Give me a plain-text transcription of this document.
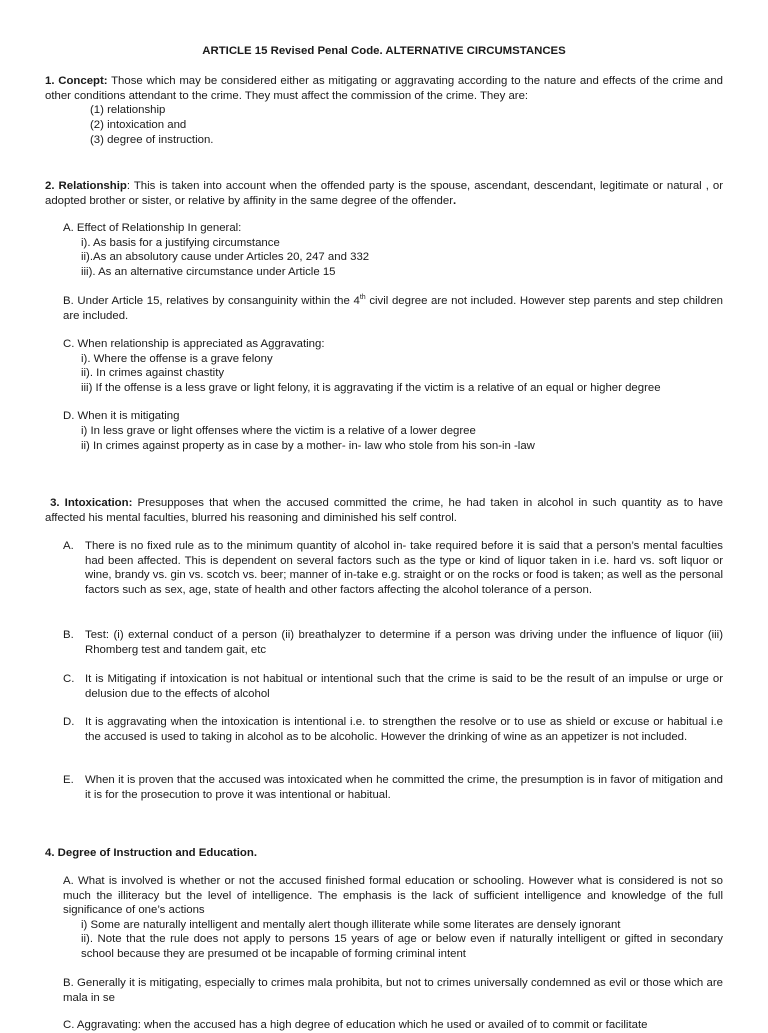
ARTICLE 15 Revised Penal Code. ALTERNATIVE CIRCUMSTANCES
1. Concept: Those which may be considered either as mitigating or aggravating according to the nature and effects of the crime and other conditions attendant to the crime. They must affect the commission of the crime. They are:
(1) relationship
(2) intoxication and
(3) degree of instruction.
2. Relationship: This is taken into account when the offended party is the spouse, ascendant, descendant, legitimate or natural , or adopted brother or sister, or relative by affinity in the same degree of the offender.
A. Effect of Relationship In general:
i). As basis for a justifying circumstance
ii).As an absolutory cause under Articles 20, 247 and 332
iii). As an alternative circumstance under Article 15
B. Under Article 15, relatives by consanguinity within the 4th civil degree are not included. However step parents and step children are included.
C. When relationship is appreciated as Aggravating:
i). Where the offense is a grave felony
ii). In crimes against chastity
iii) If the offense is a less grave or light felony, it is aggravating if the victim is a relative of an equal or higher degree
D. When it is mitigating
i) In less grave or light offenses where the victim is a relative of a lower degree
ii) In crimes against property as in case by a mother- in- law who stole from his son-in -law
3. Intoxication: Presupposes that when the accused committed the crime, he had taken in alcohol in such quantity as to have affected his mental faculties, blurred his reasoning and diminished his self control.
A. There is no fixed rule as to the minimum quantity of alcohol in- take required before it is said that a person’s mental faculties had been affected. This is dependent on several factors such as the type or kind of liquor taken in i.e. hard vs. soft liquor or wine, brandy vs. gin vs. scotch vs. beer; manner of in-take e.g. straight or on the rocks or food is taken; as well as the personal factors such as sex, age, state of health and other factors affecting the alcohol tolerance of a person.
B. Test: (i) external conduct of a person (ii) breathalyzer to determine if a person was driving under the influence of liquor (iii) Rhomberg test and tandem gait, etc
C. It is Mitigating if intoxication is not habitual or intentional such that the crime is said to be the result of an impulse or urge or delusion due to the effects of alcohol
D. It is aggravating when the intoxication is intentional i.e. to strengthen the resolve or to use as shield or excuse or habitual i.e the accused is used to taking in alcohol as to be alcoholic. However the drinking of wine as an appetizer is not included.
E. When it is proven that the accused was intoxicated when he committed the crime, the presumption is in favor of mitigation and it is for the prosecution to prove it was intentional or habitual.
4. Degree of Instruction and Education.
A. What is involved is whether or not the accused finished formal education or schooling. However what is considered is not so much the illiteracy but the level of intelligence. The emphasis is the lack of sufficient intelligence and knowledge of the full significance of one’s actions
i) Some are naturally intelligent and mentally alert though illiterate while some literates are densely ignorant
ii). Note that the rule does not apply to persons 15 years of age or below even if naturally intelligent or gifted in secondary school because they are presumed ot be incapable of forming criminal intent
B. Generally it is mitigating, especially to crimes mala prohibita, but not to crimes universally condemned as evil or those which are mala in se
C. Aggravating: when the accused has a high degree of education which he used or availed of to commit or facilitate
